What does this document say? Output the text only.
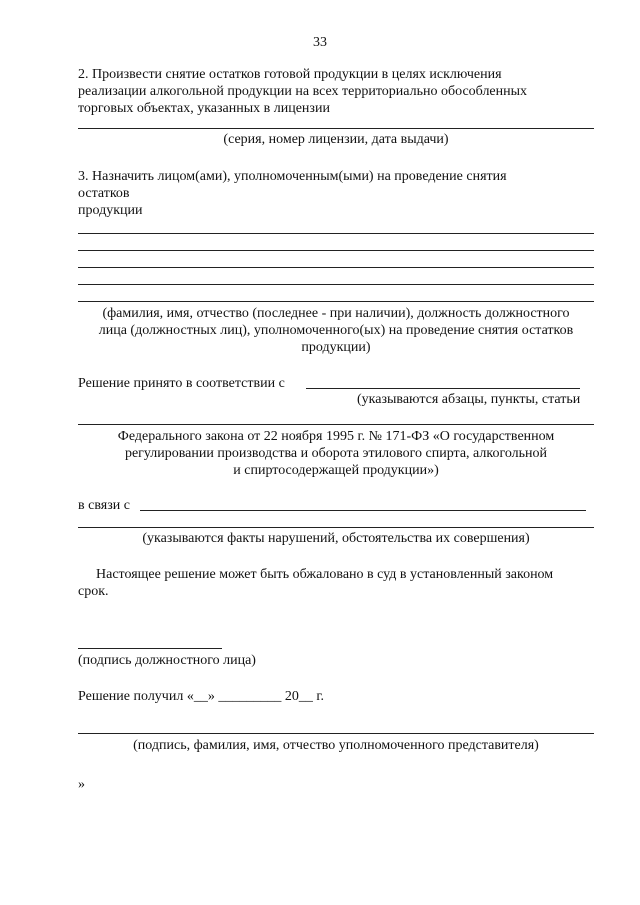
33
2. Произвести снятие остатков готовой продукции в целях исключения
реализации алкогольной продукции на всех территориально обособленных
торговых объектах, указанных в лицензии
(серия, номер лицензии, дата выдачи)
3. Назначить лицом(ами), уполномоченным(ыми) на проведение снятия
остатков
продукции
(фамилия, имя, отчество (последнее - при наличии), должность должностного
лица (должностных лиц), уполномоченного(ых) на проведение снятия остатков
продукции)
Решение принято в соответствии с
(указываются абзацы, пункты, статьи
Федерального закона от 22 ноября 1995 г. № 171-ФЗ «О государственном
регулировании производства и оборота этилового спирта, алкогольной
и спиртосодержащей продукции»)
в связи с
(указываются факты нарушений, обстоятельства их совершения)
Настоящее решение может быть обжаловано в суд в установленный законом
срок.
(подпись должностного лица)
Решение получил «__» _________ 20__ г.
(подпись, фамилия, имя, отчество уполномоченного представителя)
»
